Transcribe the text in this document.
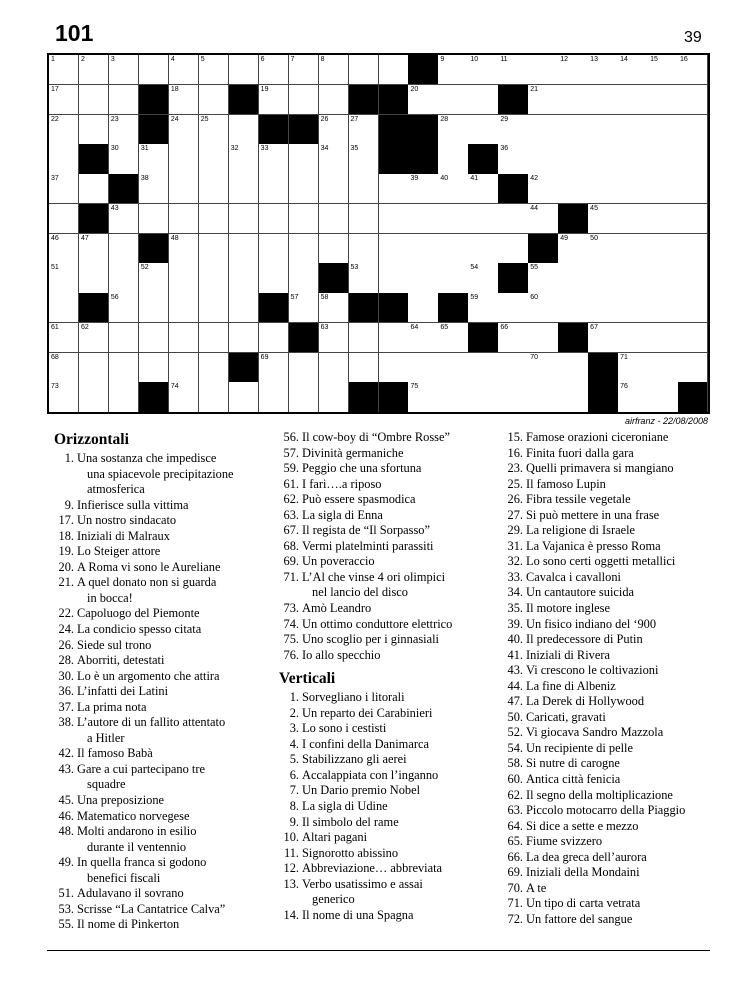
101	39
1	2	3	4	5	6	7	8	9	10	11	12	13	14	15	16
17	18	19	20	21
22	23	24	25	26	27	28	29
30	31	32	33	34	35	36
37	38	39	40	41	42
43	44	45
46	47	48	49	50
51	52	53	54	55
56	57	58	59	60
61	62	63	64	65	66	67
68	69	70	71
73	74	75	76
airfranz - 22/08/2008
Orizzontali
1. Una sostanza che impedisce
una spiacevole precipitazione
atmosferica
9. Infierisce sulla vittima
17. Un nostro sindacato
18. Iniziali di Malraux
19. Lo Steiger attore
20. A Roma vi sono le Aureliane
21. A quel donato non si guarda
in bocca!
22. Capoluogo del Piemonte
24. La condicio spesso citata
26. Siede sul trono
28. Aborriti, detestati
30. Lo è un argomento che attira
36. L’infatti dei Latini
37. La prima nota
38. L’autore di un fallito attentato
a Hitler
42. Il famoso Babà
43. Gare a cui partecipano tre
squadre
45. Una preposizione
46. Matematico norvegese
48. Molti andarono in esilio
durante il ventennio
49. In quella franca si godono
benefici fiscali
51. Adulavano il sovrano
53. Scrisse “La Cantatrice Calva”
55. Il nome di Pinkerton
56. Il cow-boy di “Ombre Rosse”
57. Divinità germaniche
59. Peggio che una sfortuna
61. I fari….a riposo
62. Può essere spasmodica
63. La sigla di Enna
67. Il regista de “Il Sorpasso”
68. Vermi platelminti parassiti
69. Un poveraccio
71. L’Al che vinse 4 ori olimpici
nel lancio del disco
73. Amò Leandro
74. Un ottimo conduttore elettrico
75. Uno scoglio per i ginnasiali
76. Io allo specchio
Verticali
1. Sorvegliano i litorali
2. Un reparto dei Carabinieri
3. Lo sono i cestisti
4. I confini della Danimarca
5. Stabilizzano gli aerei
6. Accalappiata con l’inganno
7. Un Dario premio Nobel
8. La sigla di Udine
9. Il simbolo del rame
10. Altari pagani
11. Signorotto abissino
12. Abbreviazione… abbreviata
13. Verbo usatissimo e assai
generico
14. Il nome di una Spagna
15. Famose orazioni ciceroniane
16. Finita fuori dalla gara
23. Quelli primavera si mangiano
25. Il famoso Lupin
26. Fibra tessile vegetale
27. Si può mettere in una frase
29. La religione di Israele
31. La Vajanica è presso Roma
32. Lo sono certi oggetti metallici
33. Cavalca i cavalloni
34. Un cantautore suicida
35. Il motore inglese
39. Un fisico indiano del ‘900
40. Il predecessore di Putin
41. Iniziali di Rivera
43. Vi crescono le coltivazioni
44. La fine di Albeniz
47. La Derek di Hollywood
50. Caricati, gravati
52. Vi giocava Sandro Mazzola
54. Un recipiente di pelle
58. Si nutre di carogne
60. Antica città fenicia
62. Il segno della moltiplicazione
63. Piccolo motocarro della Piaggio
64. Si dice a sette e mezzo
65. Fiume svizzero
66. La dea greca dell’aurora
69. Iniziali della Mondaini
70. A te
71. Un tipo di carta vetrata
72. Un fattore del sangue
